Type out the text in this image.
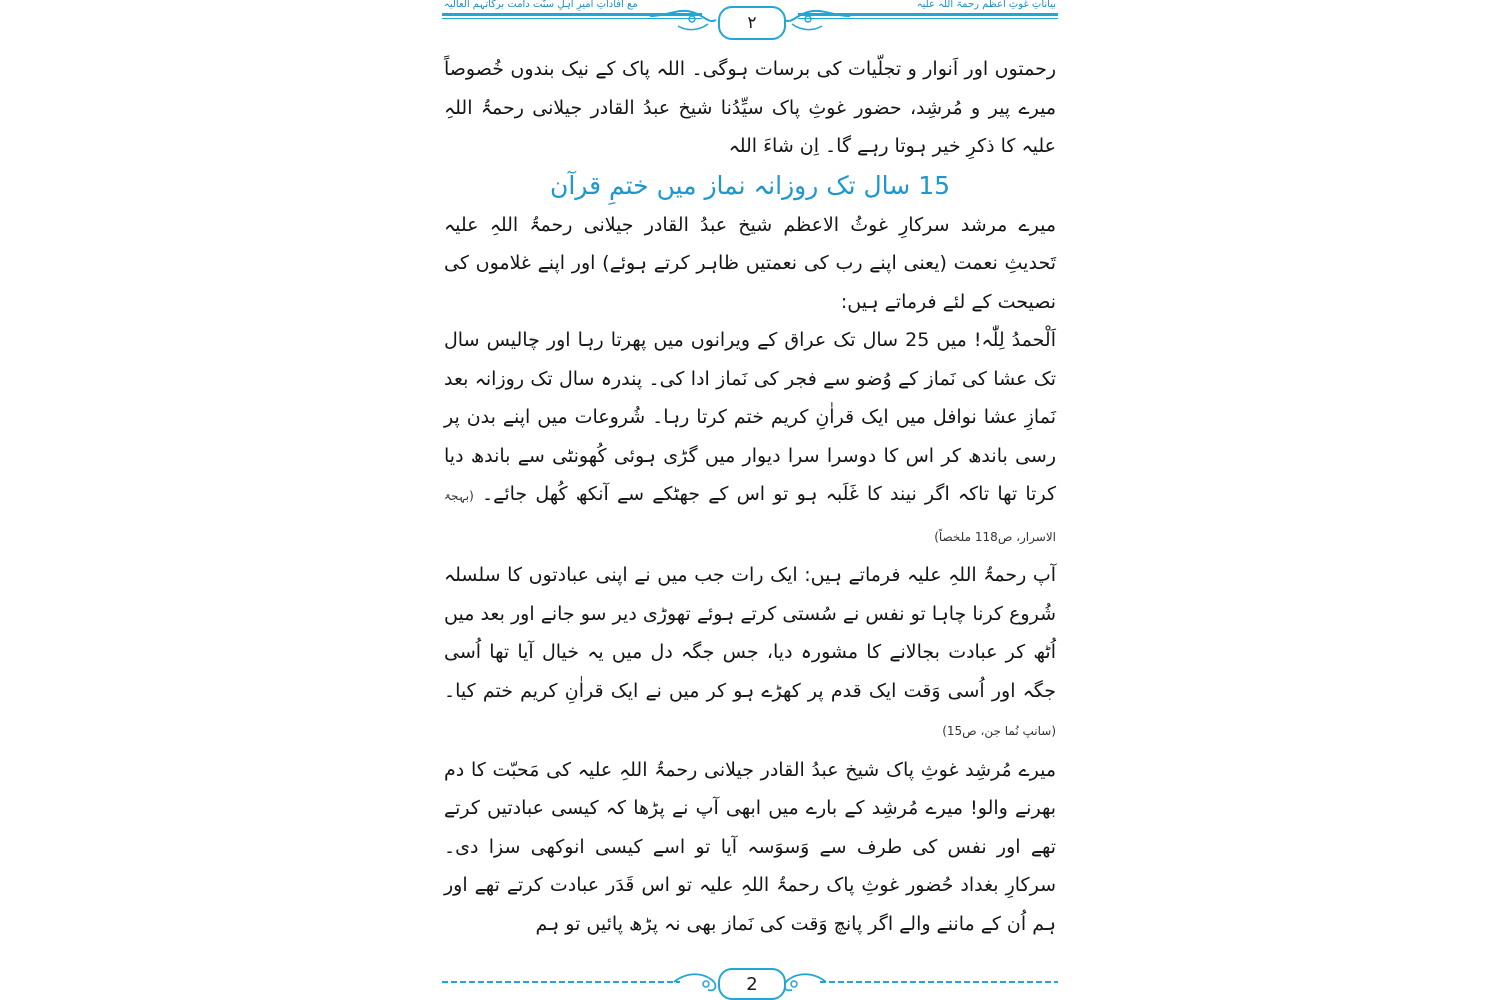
مع افاداتِ امیرِ اہلِ سنّت دامت برکاتہم العالیہ	بیاناتِ غوثِ اعظم رحمۃ اللہ علیہ
۲

رحمتوں اور اَنوار و تجلّیات کی برسات ہوگی۔ اللہ پاک کے نیک بندوں خُصوصاً میرے پیر و مُرشِد، حضور غوثِ پاک سیِّدُنا شیخ عبدُ القادر جیلانی رحمۃُ اللہِ علیہ کا ذکرِ خیر ہوتا رہے گا۔ اِن شاءَ اللہ

15 سال تک روزانہ نماز میں ختمِ قرآن

میرے مرشد سرکارِ غوثُ الاعظم شیخ عبدُ القادر جیلانی رحمۃُ اللہِ علیہ تَحدیثِ نعمت (یعنی اپنے رب کی نعمتیں ظاہر کرتے ہوئے) اور اپنے غلاموں کی نصیحت کے لئے فرماتے ہیں:

اَلْحمدُ لِلّٰہ! میں 25 سال تک عراق کے ویرانوں میں پھرتا رہا اور چالیس سال تک عشا کی نَماز کے وُضو سے فجر کی نَماز ادا کی۔ پندرہ سال تک روزانہ بعد نَمازِ عشا نوافل میں ایک قراٰنِ کریم ختم کرتا رہا۔ شُروعات میں اپنے بدن پر رسی باندھ کر اس کا دوسرا سرا دیوار میں گڑی ہوئی کُھونٹی سے باندھ دیا کرتا تھا تاکہ اگر نیند کا غَلَبہ ہو تو اس کے جھٹکے سے آنکھ کُھل جائے۔ (بہجۃ الاسرار، ص118 ملخصاً)

آپ رحمۃُ اللہِ علیہ فرماتے ہیں: ایک رات جب میں نے اپنی عبادتوں کا سلسلہ شُروع کرنا چاہا تو نفس نے سُستی کرتے ہوئے تھوڑی دیر سو جانے اور بعد میں اُٹھ کر عبادت بجالانے کا مشورہ دیا، جس جگہ دل میں یہ خیال آیا تھا اُسی جگہ اور اُسی وَقت ایک قدم پر کھڑے ہو کر میں نے ایک قراٰنِ کریم ختم کیا۔ (سانپ نُما جن، ص15)

میرے مُرشِد غوثِ پاک شیخ عبدُ القادر جیلانی رحمۃُ اللہِ علیہ کی مَحبّت کا دم بھرنے والو! میرے مُرشِد کے بارے میں ابھی آپ نے پڑھا کہ کیسی عبادتیں کرتے تھے اور نفس کی طرف سے وَسوَسہ آیا تو اسے کیسی انوکھی سزا دی۔ سرکارِ بغداد حُضور غوثِ پاک رحمۃُ اللہِ علیہ تو اس قَدَر عبادت کرتے تھے اور ہم اُن کے ماننے والے اگر پانچ وَقت کی نَماز بھی نہ پڑھ پائیں تو ہم

2
